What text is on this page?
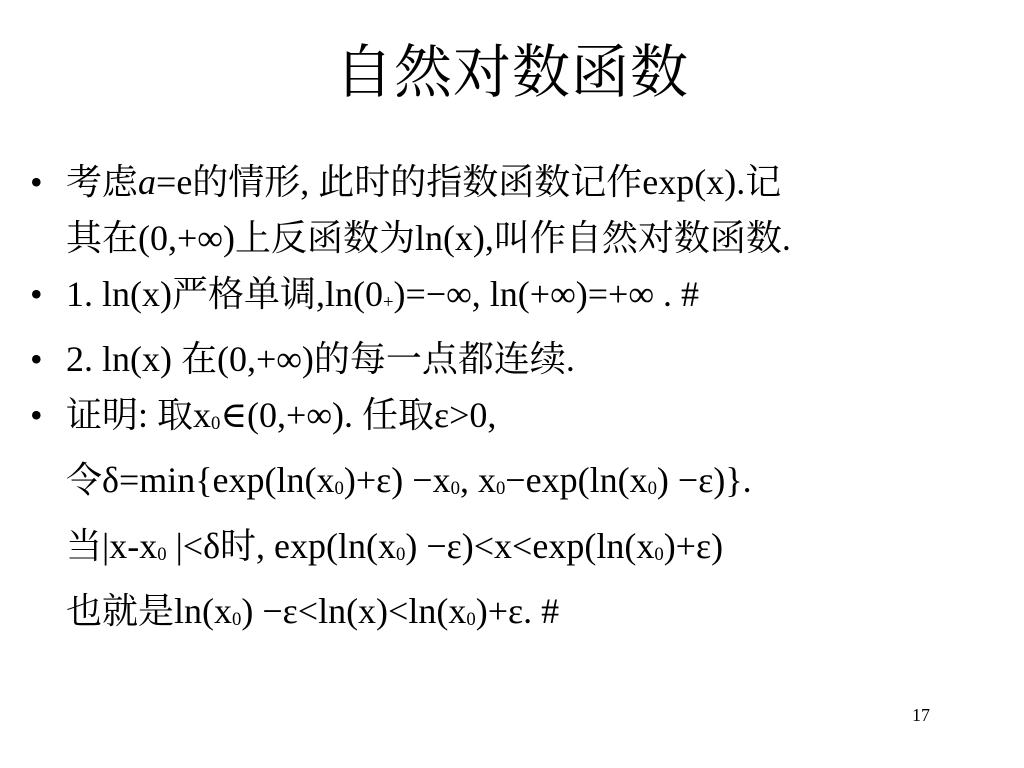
自然对数函数
• 考虑a=e的情形, 此时的指数函数记作exp(x).记
其在(0,+∞)上反函数为ln(x),叫作自然对数函数.
• 1. ln(x)严格单调,ln(0+)=−∞, ln(+∞)=+∞ . #
• 2. ln(x) 在(0,+∞)的每一点都连续.
• 证明: 取x0∈(0,+∞). 任取ε>0,
令δ=min{exp(ln(x0)+ε) −x0, x0−exp(ln(x0) −ε)}.
当|x-x0 |<δ时, exp(ln(x0) −ε)<x<exp(ln(x0)+ε)
也就是ln(x0) −ε<ln(x)<ln(x0)+ε. #
17
